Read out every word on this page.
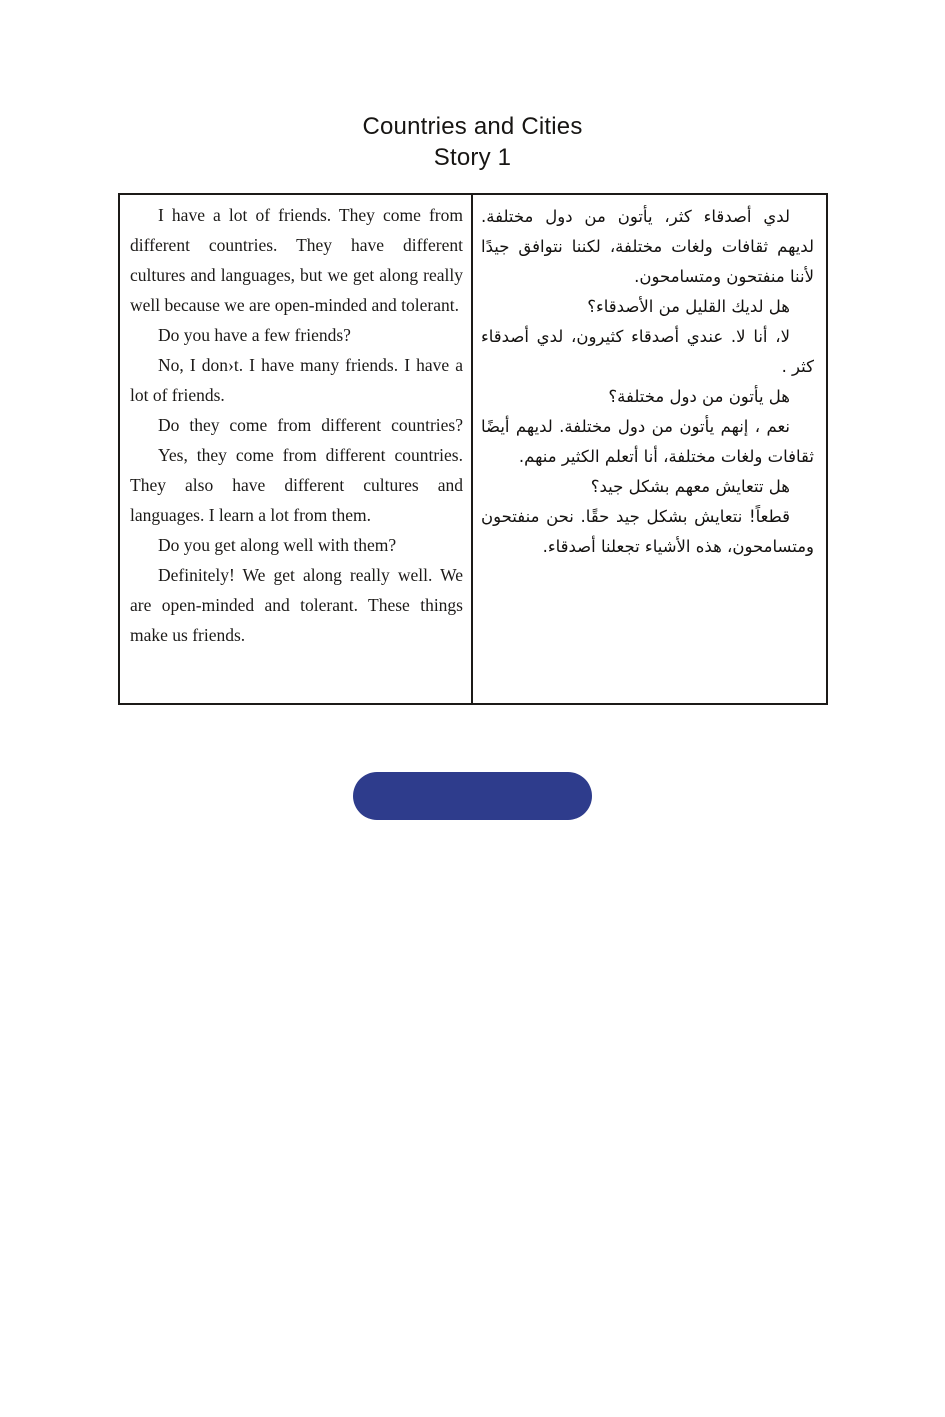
Countries and Cities
Story 1

I have a lot of friends. They come from different countries. They have different cultures and languages, but we get along really well because we are open-minded and tolerant.

Do you have a few friends?

No, I don›t. I have many friends. I have a lot of friends.

Do they come from different countries?

Yes, they come from different countries. They also have different cultures and languages. I learn a lot from them.

Do you get along well with them?

Definitely! We get along really well. We are open-minded and tolerant. These things make us friends.

لدي أصدقاء كثر، يأتون من دول مختلفة. لديهم ثقافات ولغات مختلفة، لكننا نتوافق جيدًا لأننا منفتحون ومتسامحون.

هل لديك القليل من الأصدقاء؟

لا، أنا لا. عندي أصدقاء كثيرون، لدي أصدقاء كثر .

هل يأتون من دول مختلفة؟

نعم ، إنهم يأتون من دول مختلفة. لديهم أيضًا ثقافات ولغات مختلفة، أنا أتعلم الكثير منهم.

هل تتعايش معهم بشكل جيد؟

قطعاً! نتعايش بشكل جيد حقًا. نحن منفتحون ومتسامحون، هذه الأشياء تجعلنا أصدقاء.
